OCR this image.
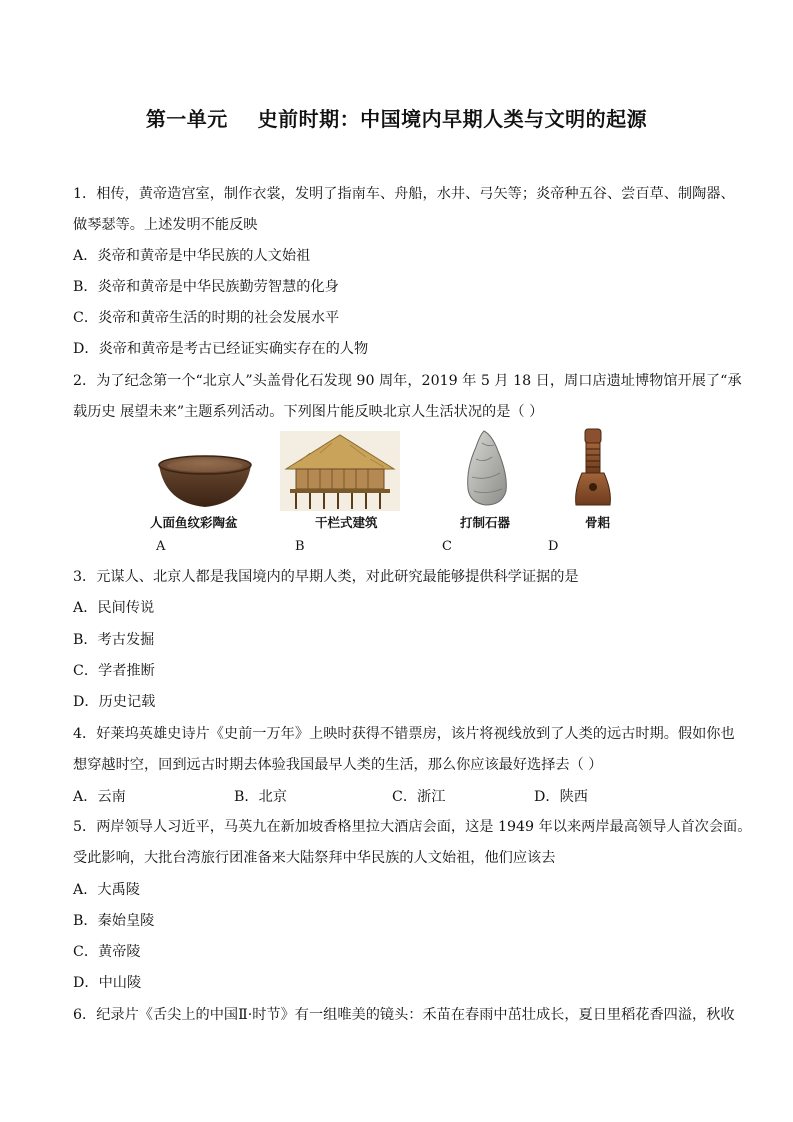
第一单元    史前时期：中国境内早期人类与文明的起源
1．相传，黄帝造宫室，制作衣裳，发明了指南车、舟船，水井、弓矢等；炎帝种五谷、尝百草、制陶器、
做琴瑟等。上述发明不能反映
A．炎帝和黄帝是中华民族的人文始祖
B．炎帝和黄帝是中华民族勤劳智慧的化身
C．炎帝和黄帝生活的时期的社会发展水平
D．炎帝和黄帝是考古已经证实确实存在的人物
2．为了纪念第一个“北京人”头盖骨化石发现 90 周年，2019 年 5 月 18 日，周口店遗址博物馆开展了“承
载历史 展望未来”主题系列活动。下列图片能反映北京人生活状况的是（ ）
人面鱼纹彩陶盆
A
干栏式建筑
B
打制石器
C
骨耜
D
3．元谋人、北京人都是我国境内的早期人类，对此研究最能够提供科学证据的是
A．民间传说
B．考古发掘
C．学者推断
D．历史记载
4．好莱坞英雄史诗片《史前一万年》上映时获得不错票房，该片将视线放到了人类的远古时期。假如你也
想穿越时空，回到远古时期去体验我国最早人类的生活，那么你应该最好选择去（ ）
A．云南	B．北京	C．浙江	D．陕西
5．两岸领导人习近平，马英九在新加坡香格里拉大酒店会面，这是 1949 年以来两岸最高领导人首次会面。
受此影响，大批台湾旅行团准备来大陆祭拜中华民族的人文始祖，他们应该去
A．大禹陵
B．秦始皇陵
C．黄帝陵
D．中山陵
6．纪录片《舌尖上的中国Ⅱ·时节》有一组唯美的镜头：禾苗在春雨中茁壮成长，夏日里稻花香四溢，秋收
